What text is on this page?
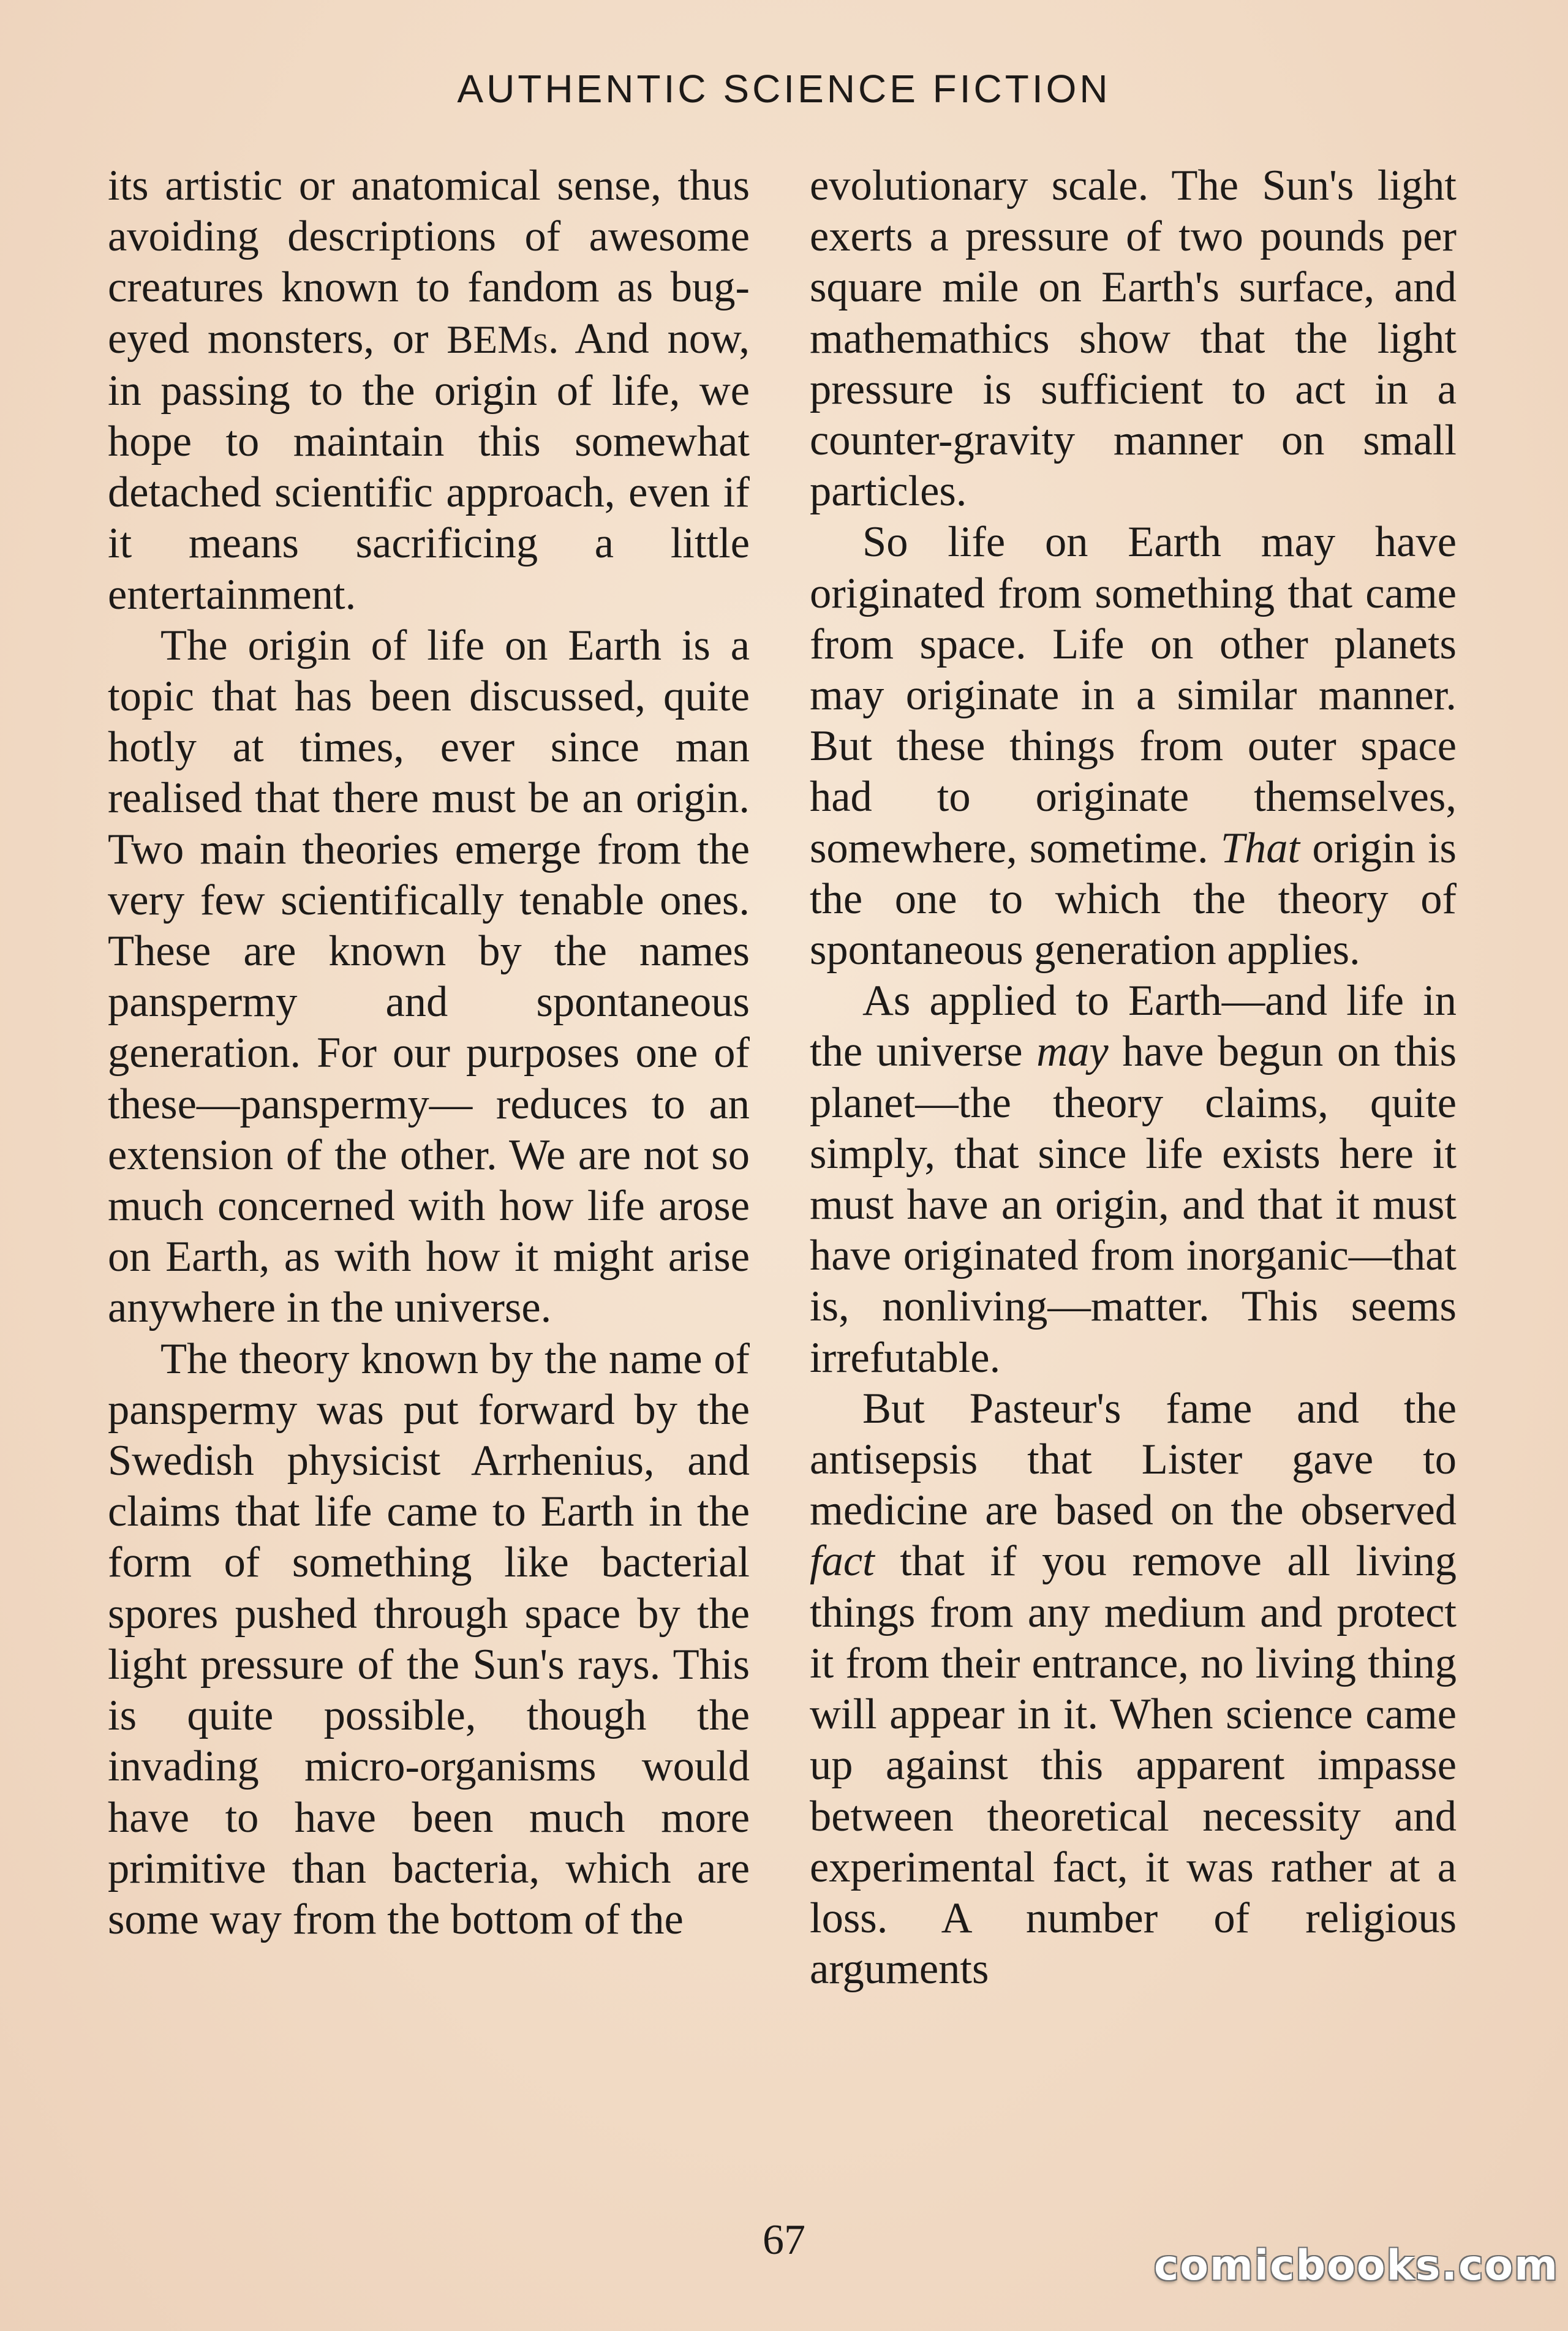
AUTHENTIC SCIENCE FICTION

its artistic or anatomical sense, thus avoiding descriptions of awesome creatures known to fandom as bug-eyed monsters, or BEMs. And now, in passing to the origin of life, we hope to maintain this somewhat detached scientific approach, even if it means sacrificing a little entertainment.

The origin of life on Earth is a topic that has been discussed, quite hotly at times, ever since man realised that there must be an origin. Two main theories emerge from the very few scientifically tenable ones. These are known by the names panspermy and spontaneous generation. For our purposes one of these—panspermy— reduces to an extension of the other. We are not so much concerned with how life arose on Earth, as with how it might arise anywhere in the universe.

The theory known by the name of panspermy was put forward by the Swedish physicist Arrhenius, and claims that life came to Earth in the form of something like bacterial spores pushed through space by the light pressure of the Sun's rays. This is quite possible, though the invading micro-organisms would have to have been much more primitive than bacteria, which are some way from the bottom of the

evolutionary scale. The Sun's light exerts a pressure of two pounds per square mile on Earth's surface, and mathemathics show that the light pressure is sufficient to act in a counter-gravity manner on small particles.

So life on Earth may have originated from something that came from space. Life on other planets may originate in a similar manner. But these things from outer space had to originate themselves, somewhere, sometime. That origin is the one to which the theory of spontaneous generation applies.

As applied to Earth—and life in the universe may have begun on this planet—the theory claims, quite simply, that since life exists here it must have an origin, and that it must have originated from inorganic—that is, nonliving—matter. This seems irrefutable.

But Pasteur's fame and the antisepsis that Lister gave to medicine are based on the observed fact that if you remove all living things from any medium and protect it from their entrance, no living thing will appear in it. When science came up against this apparent impasse between theoretical necessity and experimental fact, it was rather at a loss. A number of religious arguments

67
comicbooks.com
